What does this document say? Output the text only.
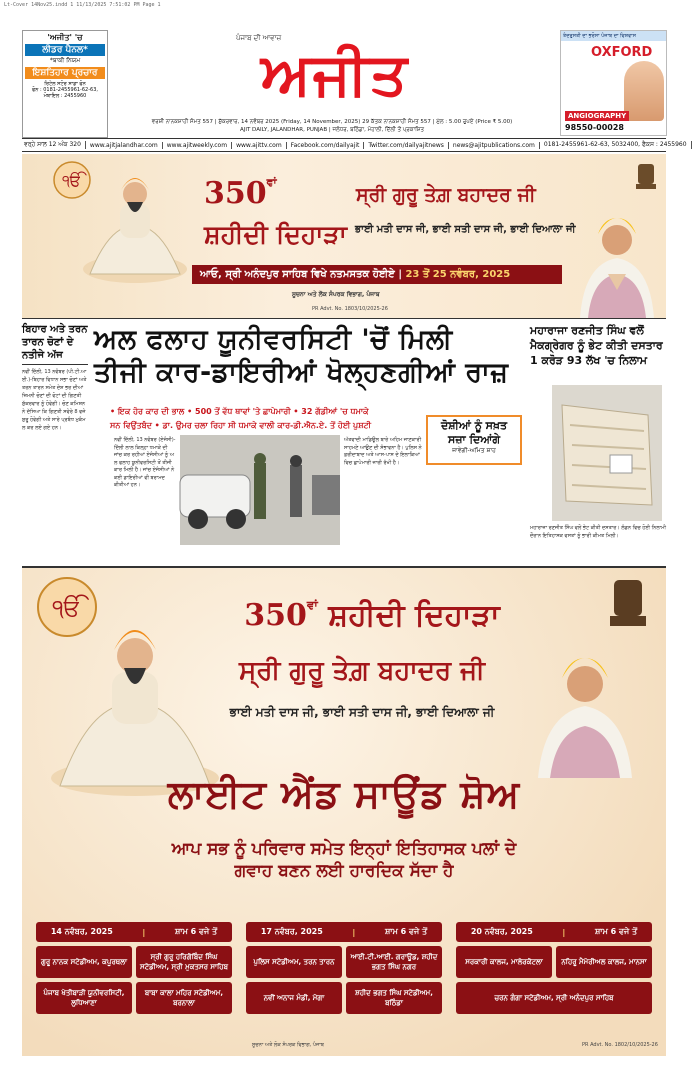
Lt-Cover 14Nov25.indd 1 11/13/2025 7:51:02 PM Page 1
'ਅਜੀਤ' 'ਚ
ਲੀਡਰ ਪੈਨਲ*
*ਬਾਕੀ ਨਿਯਮ
ਇਸ਼ਤਿਹਾਰ ਪ੍ਰਚਾਰ
ਰਿਟੇਲ ਸਟੋਰ ਸਾਡਾ ਫੋਨ
ਫੋਨ : 0181-2455961-62-63, ਮੋਬਾਇਲ : 2455960
ਪੰਜਾਬ ਦੀ ਆਵਾਜ਼
ਅਜੀਤ
ਵਰਸ਼ੀ ਨਾਨਕਸ਼ਾਹੀ ਸੰਮਤ 557 | ਸ਼ੁੱਕਰਵਾਰ, 14 ਨਵੰਬਰ 2025 (Friday, 14 November, 2025) 29 ਕੱਤਕ ਨਾਨਕਸ਼ਾਹੀ ਸੰਮਤ 557 | ਮੁੱਲ : 5.00 ਰੁਪਏ (Price ₹ 5.00)
AJIT DAILY, JALANDHAR, PUNJAB | ਜਲੰਧਰ, ਬਠਿੰਡਾ, ਮੋਹਾਲੀ, ਦਿੱਲੀ ਤੋਂ ਪ੍ਰਕਾਸ਼ਿਤ
ਤੰਦਰੁਸਤੀ ਦਾ ਭਰੋਸਾ ਪੰਜਾਬ ਦਾ ਵਿਸ਼ਵਾਸ
OXFORD
ANGIOGRAPHY
98550-00028
ਵਰ੍ਹੇ ਸਾਲ 12 ਅੰਕ 320	www.ajitjalandhar.com	www.ajitweekly.com	www.ajittv.com	Facebook.com/dailyajit	Twitter.com/dailyajitnews	news@ajitpublications.com	0181-2455961-62-63, 5032400, ਫੈਕਸ : 2455960
ੴ	$350^{ਵਾਂ}$
ਸ਼ਹੀਦੀ ਦਿਹਾੜਾ
ਸ੍ਰੀ ਗੁਰੂ ਤੇਗ਼ ਬਹਾਦਰ ਜੀ
ਭਾਈ ਮਤੀ ਦਾਸ ਜੀ, ਭਾਈ ਸਤੀ ਦਾਸ ਜੀ, ਭਾਈ ਦਿਆਲਾ ਜੀ
ਆਓ, ਸ੍ਰੀ ਅਨੰਦਪੁਰ ਸਾਹਿਬ ਵਿਖੇ ਨਤਮਸਤਕ ਹੋਈਏ | 23 ਤੋਂ 25 ਨਵੰਬਰ, 2025
ਸੂਚਨਾ ਅਤੇ ਲੋਕ ਸੰਪਰਕ ਵਿਭਾਗ, ਪੰਜਾਬ
PR Advt. No. 1803/10/2025-26
ਬਿਹਾਰ ਅਤੇ ਤਰਨ ਤਾਰਨ ਚੋਣਾਂ ਦੇ ਨਤੀਜੇ ਅੱਜ
ਨਵੀਂ ਦਿੱਲੀ, 13 ਨਵੰਬਰ (ਪੀ.ਟੀ.ਆਈ.)-ਬਿਹਾਰ ਵਿਧਾਨ ਸਭਾ ਚੋਣਾਂ ਅਤੇ ਤਰਨ ਤਾਰਨ ਸਮੇਤ ਦੇਸ਼ ਭਰ ਦੀਆਂ ਜ਼ਿਮਨੀ ਚੋਣਾਂ ਦੀ ਵੋਟਾਂ ਦੀ ਗਿਣਤੀ ਸ਼ੁੱਕਰਵਾਰ ਨੂੰ ਹੋਵੇਗੀ। ਚੋਣ ਕਮਿਸ਼ਨ ਨੇ ਦੱਸਿਆ ਕਿ ਗਿਣਤੀ ਸਵੇਰੇ 8 ਵਜੇ ਸ਼ੁਰੂ ਹੋਵੇਗੀ ਅਤੇ ਸਾਰੇ ਪ੍ਰਬੰਧ ਮੁਕੰਮਲ ਕਰ ਲਏ ਗਏ ਹਨ।
ਅਲ ਫਲਾਹ ਯੂਨੀਵਰਸਿਟੀ 'ਚੋਂ ਮਿਲੀ
ਤੀਜੀ ਕਾਰ-ਡਾਇਰੀਆਂ ਖੋਲ੍ਹਣਗੀਆਂ ਰਾਜ਼
• ਇਕ ਹੋਰ ਕਾਰ ਦੀ ਭਾਲ • 500 ਤੋਂ ਵੱਧ ਥਾਵਾਂ 'ਤੇ ਛਾਪੇਮਾਰੀ • 32 ਗੱਡੀਆਂ 'ਚ ਧਮਾਕੇ
ਸਨ ਵਿਉਂਤਬੰਦ • ਡਾ. ਉਮਰ ਚਲਾ ਰਿਹਾ ਸੀ ਧਮਾਕੇ ਵਾਲੀ ਕਾਰ-ਡੀ.ਐਨ.ਏ. ਤੋਂ ਹੋਈ ਪੁਸ਼ਟੀ
ਨਵੀਂ ਦਿੱਲੀ, 13 ਨਵੰਬਰ (ਏਜੰਸੀ)-ਦਿੱਲੀ ਲਾਲ ਕਿਲ੍ਹਾ ਧਮਾਕੇ ਦੀ ਜਾਂਚ ਕਰ ਰਹੀਆਂ ਏਜੰਸੀਆਂ ਨੂੰ ਅਲ ਫਲਾਹ ਯੂਨੀਵਰਸਿਟੀ ਤੋਂ ਤੀਜੀ ਕਾਰ ਮਿਲੀ ਹੈ। ਜਾਂਚ ਏਜੰਸੀਆਂ ਨੇ ਕਈ ਡਾਇਰੀਆਂ ਵੀ ਬਰਾਮਦ ਕੀਤੀਆਂ ਹਨ।
ਅੱਤਵਾਦੀ ਮਾਡਿਊਲ ਬਾਰੇ ਅਹਿਮ ਜਾਣਕਾਰੀ ਸਾਹਮਣੇ ਆਉਣ ਦੀ ਸੰਭਾਵਨਾ ਹੈ। ਪੁਲਿਸ ਨੇ ਫ਼ਰੀਦਾਬਾਦ ਅਤੇ ਆਸ-ਪਾਸ ਦੇ ਇਲਾਕਿਆਂ ਵਿਚ ਛਾਪੇਮਾਰੀ ਜਾਰੀ ਰੱਖੀ ਹੈ।
ਦੋਸ਼ੀਆਂ ਨੂੰ ਸਖ਼ਤ
ਸਜ਼ਾ ਦਿਆਂਗੇ
ਜਾਵੇਗੀ-ਅਮਿਤ ਸ਼ਾਹ
ਮਹਾਰਾਜਾ ਰਣਜੀਤ ਸਿੰਘ ਵਲੋਂ ਮੈਕਗ੍ਰੇਗਰ ਨੂੰ ਭੇਟ ਕੀਤੀ ਦਸਤਾਰ 1 ਕਰੋੜ 93 ਲੱਖ 'ਚ ਨਿਲਾਮ
ਮਹਾਰਾਜਾ ਰਣਜੀਤ ਸਿੰਘ ਵਲੋਂ ਭੇਟ ਕੀਤੀ ਦਸਤਾਰ। ਲੰਡਨ ਵਿਚ ਹੋਈ ਨਿਲਾਮੀ ਦੌਰਾਨ ਇਤਿਹਾਸਕ ਵਸਤਾਂ ਨੂੰ ਭਾਰੀ ਕੀਮਤ ਮਿਲੀ।
ੴ	$350^{ਵਾਂ}$ ਸ਼ਹੀਦੀ ਦਿਹਾੜਾ
ਸ੍ਰੀ ਗੁਰੂ ਤੇਗ਼ ਬਹਾਦਰ ਜੀ
ਭਾਈ ਮਤੀ ਦਾਸ ਜੀ, ਭਾਈ ਸਤੀ ਦਾਸ ਜੀ, ਭਾਈ ਦਿਆਲਾ ਜੀ
ਲਾਈਟ ਐਂਡ ਸਾਊਂਡ ਸ਼ੋਅ
ਆਪ ਸਭ ਨੂੰ ਪਰਿਵਾਰ ਸਮੇਤ ਇਨ੍ਹਾਂ ਇਤਿਹਾਸਕ ਪਲਾਂ ਦੇ
ਗਵਾਹ ਬਣਨ ਲਈ ਹਾਰਦਿਕ ਸੱਦਾ ਹੈ
14 ਨਵੰਬਰ, 2025	|	ਸ਼ਾਮ 6 ਵਜੇ ਤੋਂ
ਗੁਰੂ ਨਾਨਕ ਸਟੇਡੀਅਮ, ਕਪੂਰਥਲਾ
ਸ੍ਰੀ ਗੁਰੂ ਹਰਿਗੋਬਿੰਦ ਸਿੰਘ ਸਟੇਡੀਅਮ, ਸ੍ਰੀ ਮੁਕਤਸਰ ਸਾਹਿਬ
ਪੰਜਾਬ ਖੇਤੀਬਾੜੀ ਯੂਨੀਵਰਸਿਟੀ, ਲੁਧਿਆਣਾ
ਬਾਬਾ ਕਾਲਾ ਮਹਿਰ ਸਟੇਡੀਅਮ, ਬਰਨਾਲਾ
17 ਨਵੰਬਰ, 2025	|	ਸ਼ਾਮ 6 ਵਜੇ ਤੋਂ
ਪੁਲਿਸ ਸਟੇਡੀਅਮ, ਤਰਨ ਤਾਰਨ
ਆਈ.ਟੀ.ਆਈ. ਗਰਾਊਂਡ, ਸ਼ਹੀਦ ਭਗਤ ਸਿੰਘ ਨਗਰ
ਨਵੀਂ ਅਨਾਜ ਮੰਡੀ, ਮੋਗਾ
ਸ਼ਹੀਦ ਭਗਤ ਸਿੰਘ ਸਟੇਡੀਅਮ, ਬਠਿੰਡਾ
20 ਨਵੰਬਰ, 2025	|	ਸ਼ਾਮ 6 ਵਜੇ ਤੋਂ
ਸਰਕਾਰੀ ਕਾਲਜ, ਮਾਲੇਰਕੋਟਲਾ	ਨਹਿਰੂ ਮੈਮੋਰੀਅਲ ਕਾਲਜ, ਮਾਨਸਾ
ਚਰਨ ਗੰਗਾ ਸਟੇਡੀਅਮ, ਸ੍ਰੀ ਅਨੰਦਪੁਰ ਸਾਹਿਬ
ਸੂਚਨਾ ਅਤੇ ਲੋਕ ਸੰਪਰਕ ਵਿਭਾਗ, ਪੰਜਾਬ	PR Advt. No. 1802/10/2025-26
